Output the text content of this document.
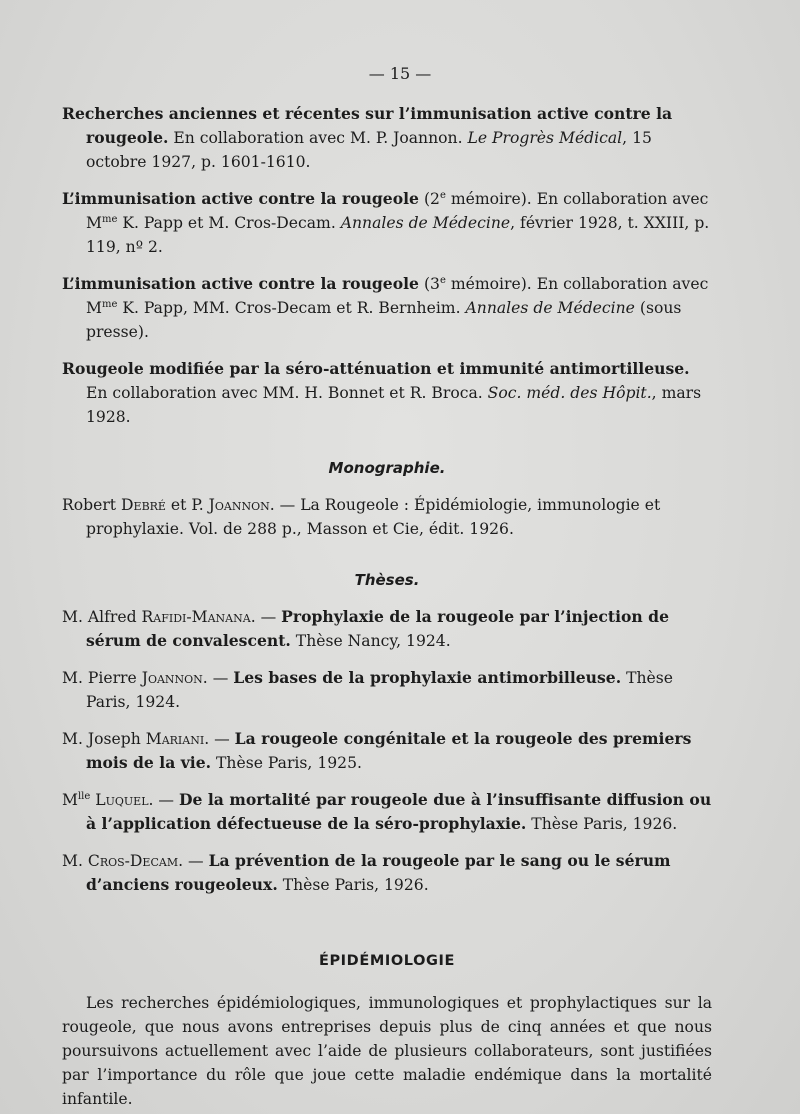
— 15 —

Recherches anciennes et récentes sur l’immunisation active contre la rougeole. En collaboration avec M. P. Joannon. Le Progrès Médical, 15 octobre 1927, p. 1601-1610.

L’immunisation active contre la rougeole (2e mémoire). En collaboration avec $M^{me}$ K. Papp et M. Cros-Decam. Annales de Médecine, février 1928, t. XXIII, p. 119, nº 2.

L’immunisation active contre la rougeole (3e mémoire). En collaboration avec $M^{me}$ K. Papp, MM. Cros-Decam et R. Bernheim. Annales de Médecine (sous presse).

Rougeole modifiée par la séro-atténuation et immunité antimortilleuse. En collaboration avec MM. H. Bonnet et R. Broca. Soc. méd. des Hôpit., mars 1928.

Monographie.

Robert Debré et P. Joannon. — La Rougeole : Épidémiologie, immunologie et prophylaxie. Vol. de 288 p., Masson et Cie, édit. 1926.

Thèses.

M. Alfred Rafidi-Manana. — Prophylaxie de la rougeole par l’injection de sérum de convalescent. Thèse Nancy, 1924.

M. Pierre Joannon. — Les bases de la prophylaxie antimorbilleuse. Thèse Paris, 1924.

M. Joseph Mariani. — La rougeole congénitale et la rougeole des premiers mois de la vie. Thèse Paris, 1925.

$M^{lle}$ Luquel. — De la mortalité par rougeole due à l’insuffisante diffusion ou à l’application défectueuse de la séro-prophylaxie. Thèse Paris, 1926.

M. Cros-Decam. — La prévention de la rougeole par le sang ou le sérum d’anciens rougeoleux. Thèse Paris, 1926.

ÉPIDÉMIOLOGIE

Les recherches épidémiologiques, immunologiques et prophylactiques sur la rougeole, que nous avons entreprises depuis plus de cinq années et que nous poursuivons actuellement avec l’aide de plusieurs collaborateurs, sont justifiées par l’importance du rôle que joue cette maladie endémique dans la mortalité infantile.
